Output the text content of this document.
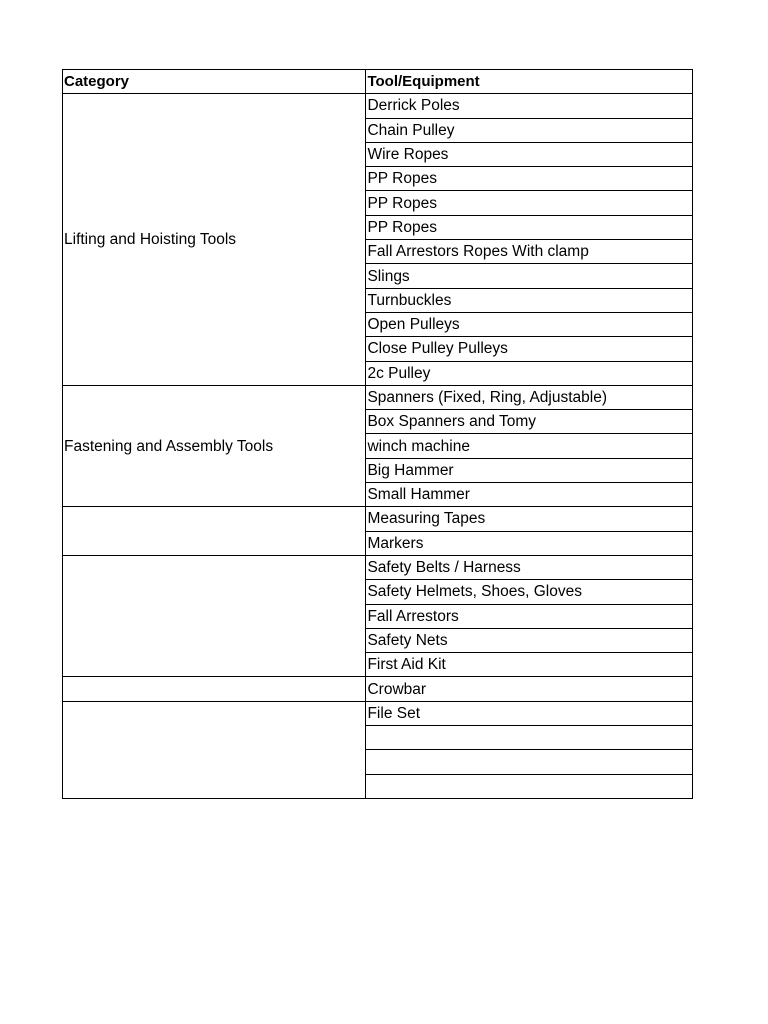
Category	Tool/Equipment
Lifting and Hoisting Tools	Derrick Poles
	Chain Pulley
	Wire Ropes
	PP Ropes
	PP Ropes
	PP Ropes
	Fall Arrestors Ropes With clamp
	Slings
	Turnbuckles
	Open Pulleys
	Close Pulley Pulleys
	2c Pulley
Fastening and Assembly Tools	Spanners (Fixed, Ring, Adjustable)
	Box Spanners and Tomy
	winch machine
	Big Hammer
	Small Hammer
	Measuring Tapes
	Markers
	Safety Belts / Harness
	Safety Helmets, Shoes, Gloves
	Fall Arrestors
	Safety Nets
	First Aid Kit
	Crowbar
	File Set
